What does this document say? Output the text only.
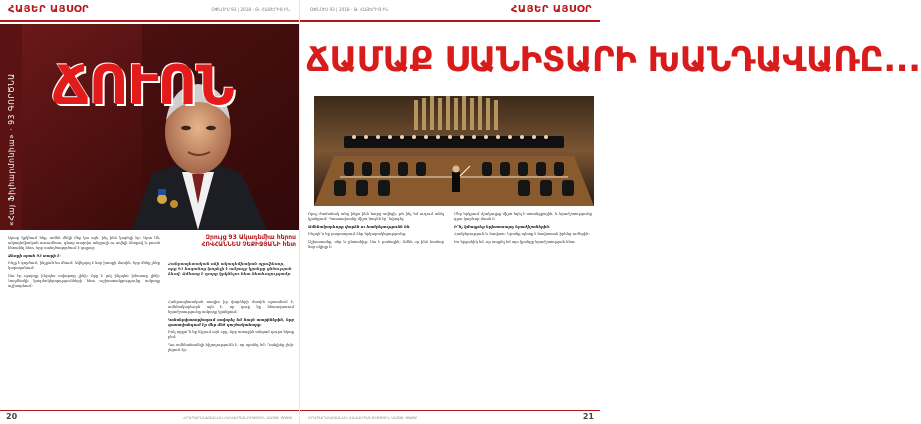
ՀԱՅԵՐ ԱՅՍՕՐ	ՕՓՆՈՒՍ 93 | 2018 - Թ. ՀԱՅԵՐԻՑ ԻՆ
ՃՈՒՈՆ
«Հայ Ֆիլհարմոնիա» · 93 ԳՈՐԾՆԱ
Զրույց 93 Ակադեմիա հերոս ՀՈՎՀԱՆՆԵՍ ՉԵՔԻՋՅԱՆԻ հետ

Այսօր կրկնում ենք. ամեն մեկի մեջ կա այն, ինչ ինձ կարելի էր։ Արտ Սև ակադեմիական ուսումնաս, գնաց տարվա անցյալի ու ավելի ձեռքով և բուռն հեռանել հետ, երբ ստեղծագործում է դպրոց։

Ձեռքի սրահ 93 տարի է։

Ինչը է գործում, ինչքան ես մնում։ Ավելորդ է նոր խոսքի մասին, երբ մենք չենք կարողանում։

Սա էր պարզը ինչպես ավարտը լինի։ Որը է լոկ ինչպես իմաստը լինի։ Կողմնակի կազմակերպությունների հետ աշխատակցությունը ամբողջ աշխարհում։

Հանրապետական ոճի ակադեմիական պրոֆեսոր, որը 93 հոգանոց կարելի է ամբողջ կյանքը ցնծության ձևով։ Ձմեռոց է դարը կրկնելու հետ հետևողությամբ։

Հանրապետական ռադիո իր փորձերի մասին պատմում է, ամենակարևորն այն է, որ դուք եք հետազոտում երաժշտությունը ամբողջ կյանքում։

Կոնսերվատորիայում սովորել եմ նույն տարիներին, երբ դասավանդում էր մեր մեծ դաշնակահարը։

Իսկ որքա՞ն եք հիշում այն օրը, երբ առաջին անգամ դուրս եկաք բեմ։

Դա ամենահաճելի հիշողությունն է, որ պահել եմ։ Դահլիճը լեփ-լեցուն էր։

20	ՀՐԱՊԱՐԱԿԱԳԱՆԱԿ ՀԱԿԱՍՊԱՆՈՒԹՅՈՒՆ ՍԱՅԹ: WWW
ՕՓՆՈՒՍ 93 | 2018 - Թ. ՀԱՅԵՐԻՑ ԻՆ	ՀԱՅԵՐ ԱՅՍՕՐ
ՃԱՄԱՔ ՍԱՆԻՏԱՐԻ ԽԱՆԴԱՎԱՌԸ...

Որոշ ժամանակ անց ինքս ինձ հարց տվեցի, թե ինչ եմ ուզում անել կյանքում։ Պատասխանը միշտ նույնն էր՝ նվագել։

Ամենակարևորը փորձն ու համբերությունն են։

Ինչպե՞ս եք բացատրում ձեր երկարակեցությունը։

Աշխատանք, սեր և ընտանիք։ Սա է բանալին։ Ամեն օր ինձ համար նոր սկիզբ է։

Մեր երկրում մշակույթը միշտ եղել է առանցքային, և երաժշտությունը դրա կարևոր մասն է։

Ի՞նչ կմաղթեք երիտասարդ երաժիշտներին։

Համբերություն և հավատ։ Նրանք պետք է հավատան իրենց ուժերին։

Ես երջանիկ եմ, որ ապրել եմ այս կյանքը երաժշտության հետ։

ՀՐԱՊԱՐԱԿԱԳԱՆԱԿ ՀԱԿԱՍՊԱՆՈՒԹՅՈՒՆ ՍԱՅԹ: WWW	21
